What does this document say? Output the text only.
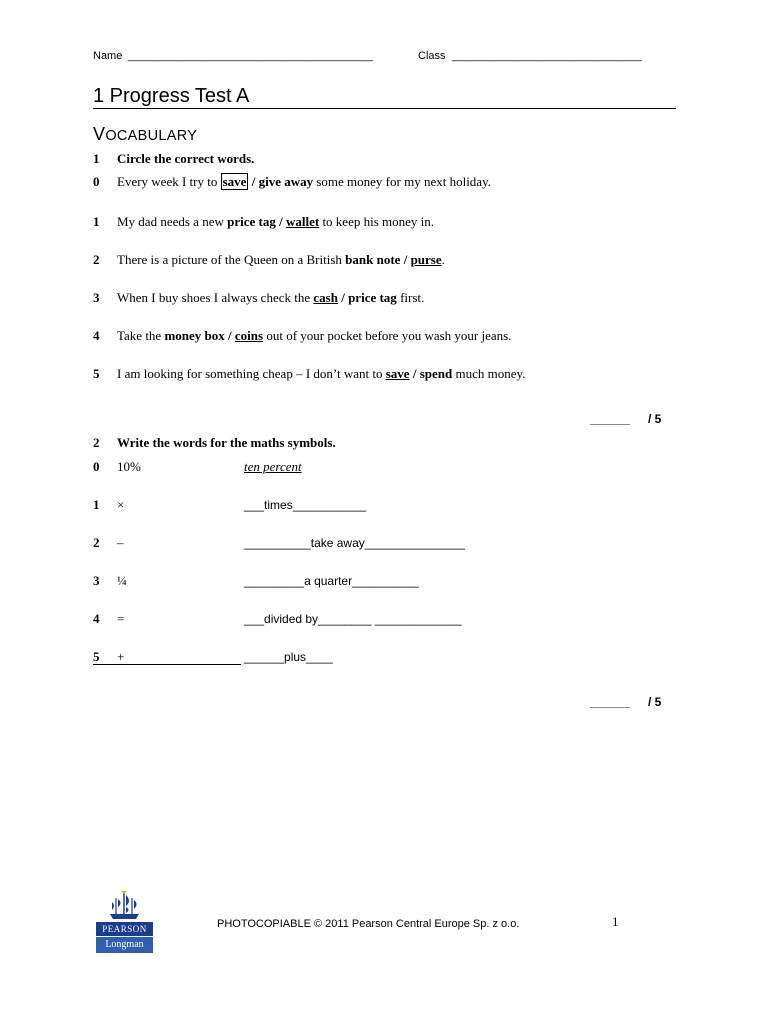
Name ________________________________________	Class _______________________________
1 Progress Test A
VOCABULARY
1 Circle the correct words.
0 Every week I try to save / give away some money for my next holiday.
1 My dad needs a new price tag / wallet to keep his money in.
2 There is a picture of the Queen on a British bank note / purse.
3 When I buy shoes I always check the cash / price tag first.
4 Take the money box / coins out of your pocket before you wash your jeans.
5 I am looking for something cheap – I don’t want to save / spend much money.
______ / 5
2 Write the words for the maths symbols.
0 10%	ten percent
1 ×	___times___________
2 –	__________take away_______________
3 ¼	_________a quarter__________
4 =	___divided by________ _____________
5 +	______plus____
______ / 5
PEARSON
Longman
PHOTOCOPIABLE © 2011 Pearson Central Europe Sp. z o.o.	1
